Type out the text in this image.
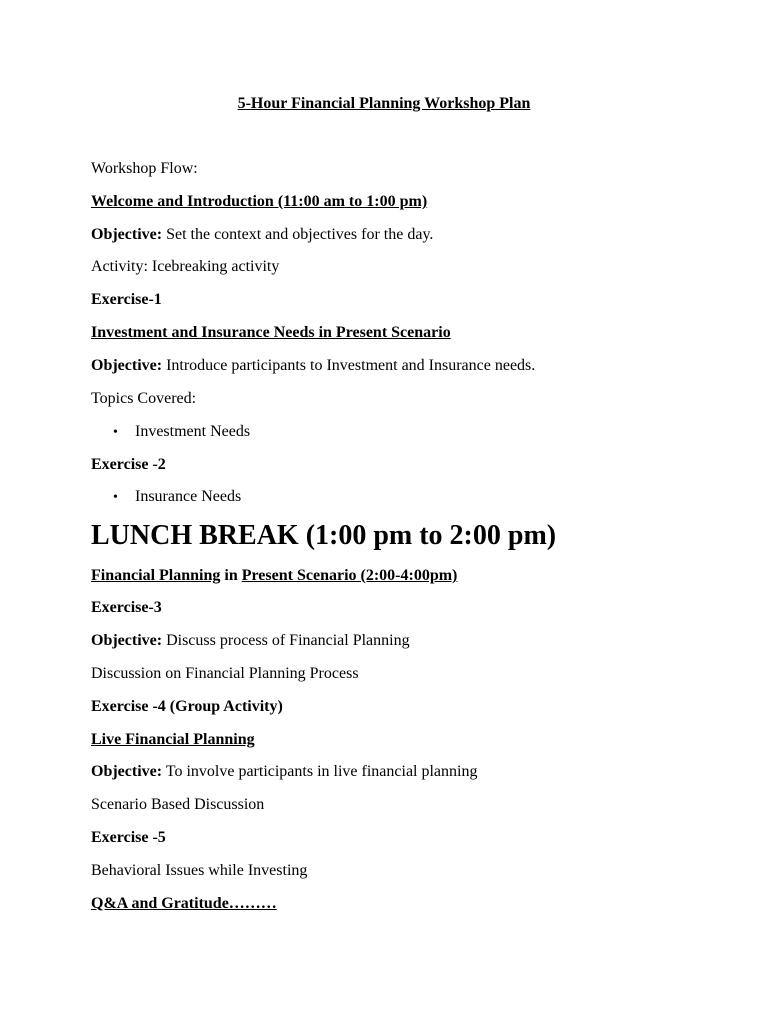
5-Hour Financial Planning Workshop Plan
Workshop Flow:
Welcome and Introduction (11:00 am to 1:00 pm)
Objective: Set the context and objectives for the day.
Activity: Icebreaking activity
Exercise-1
Investment and Insurance Needs in Present Scenario
Objective: Introduce participants to Investment and Insurance needs.
Topics Covered:
• Investment Needs
Exercise -2
• Insurance Needs
LUNCH BREAK (1:00 pm to 2:00 pm)
Financial Planning in Present Scenario (2:00-4:00pm)
Exercise-3
Objective: Discuss process of Financial Planning
Discussion on Financial Planning Process
Exercise -4 (Group Activity)
Live Financial Planning
Objective: To involve participants in live financial planning
Scenario Based Discussion
Exercise -5
Behavioral Issues while Investing
Q&A and Gratitude………
